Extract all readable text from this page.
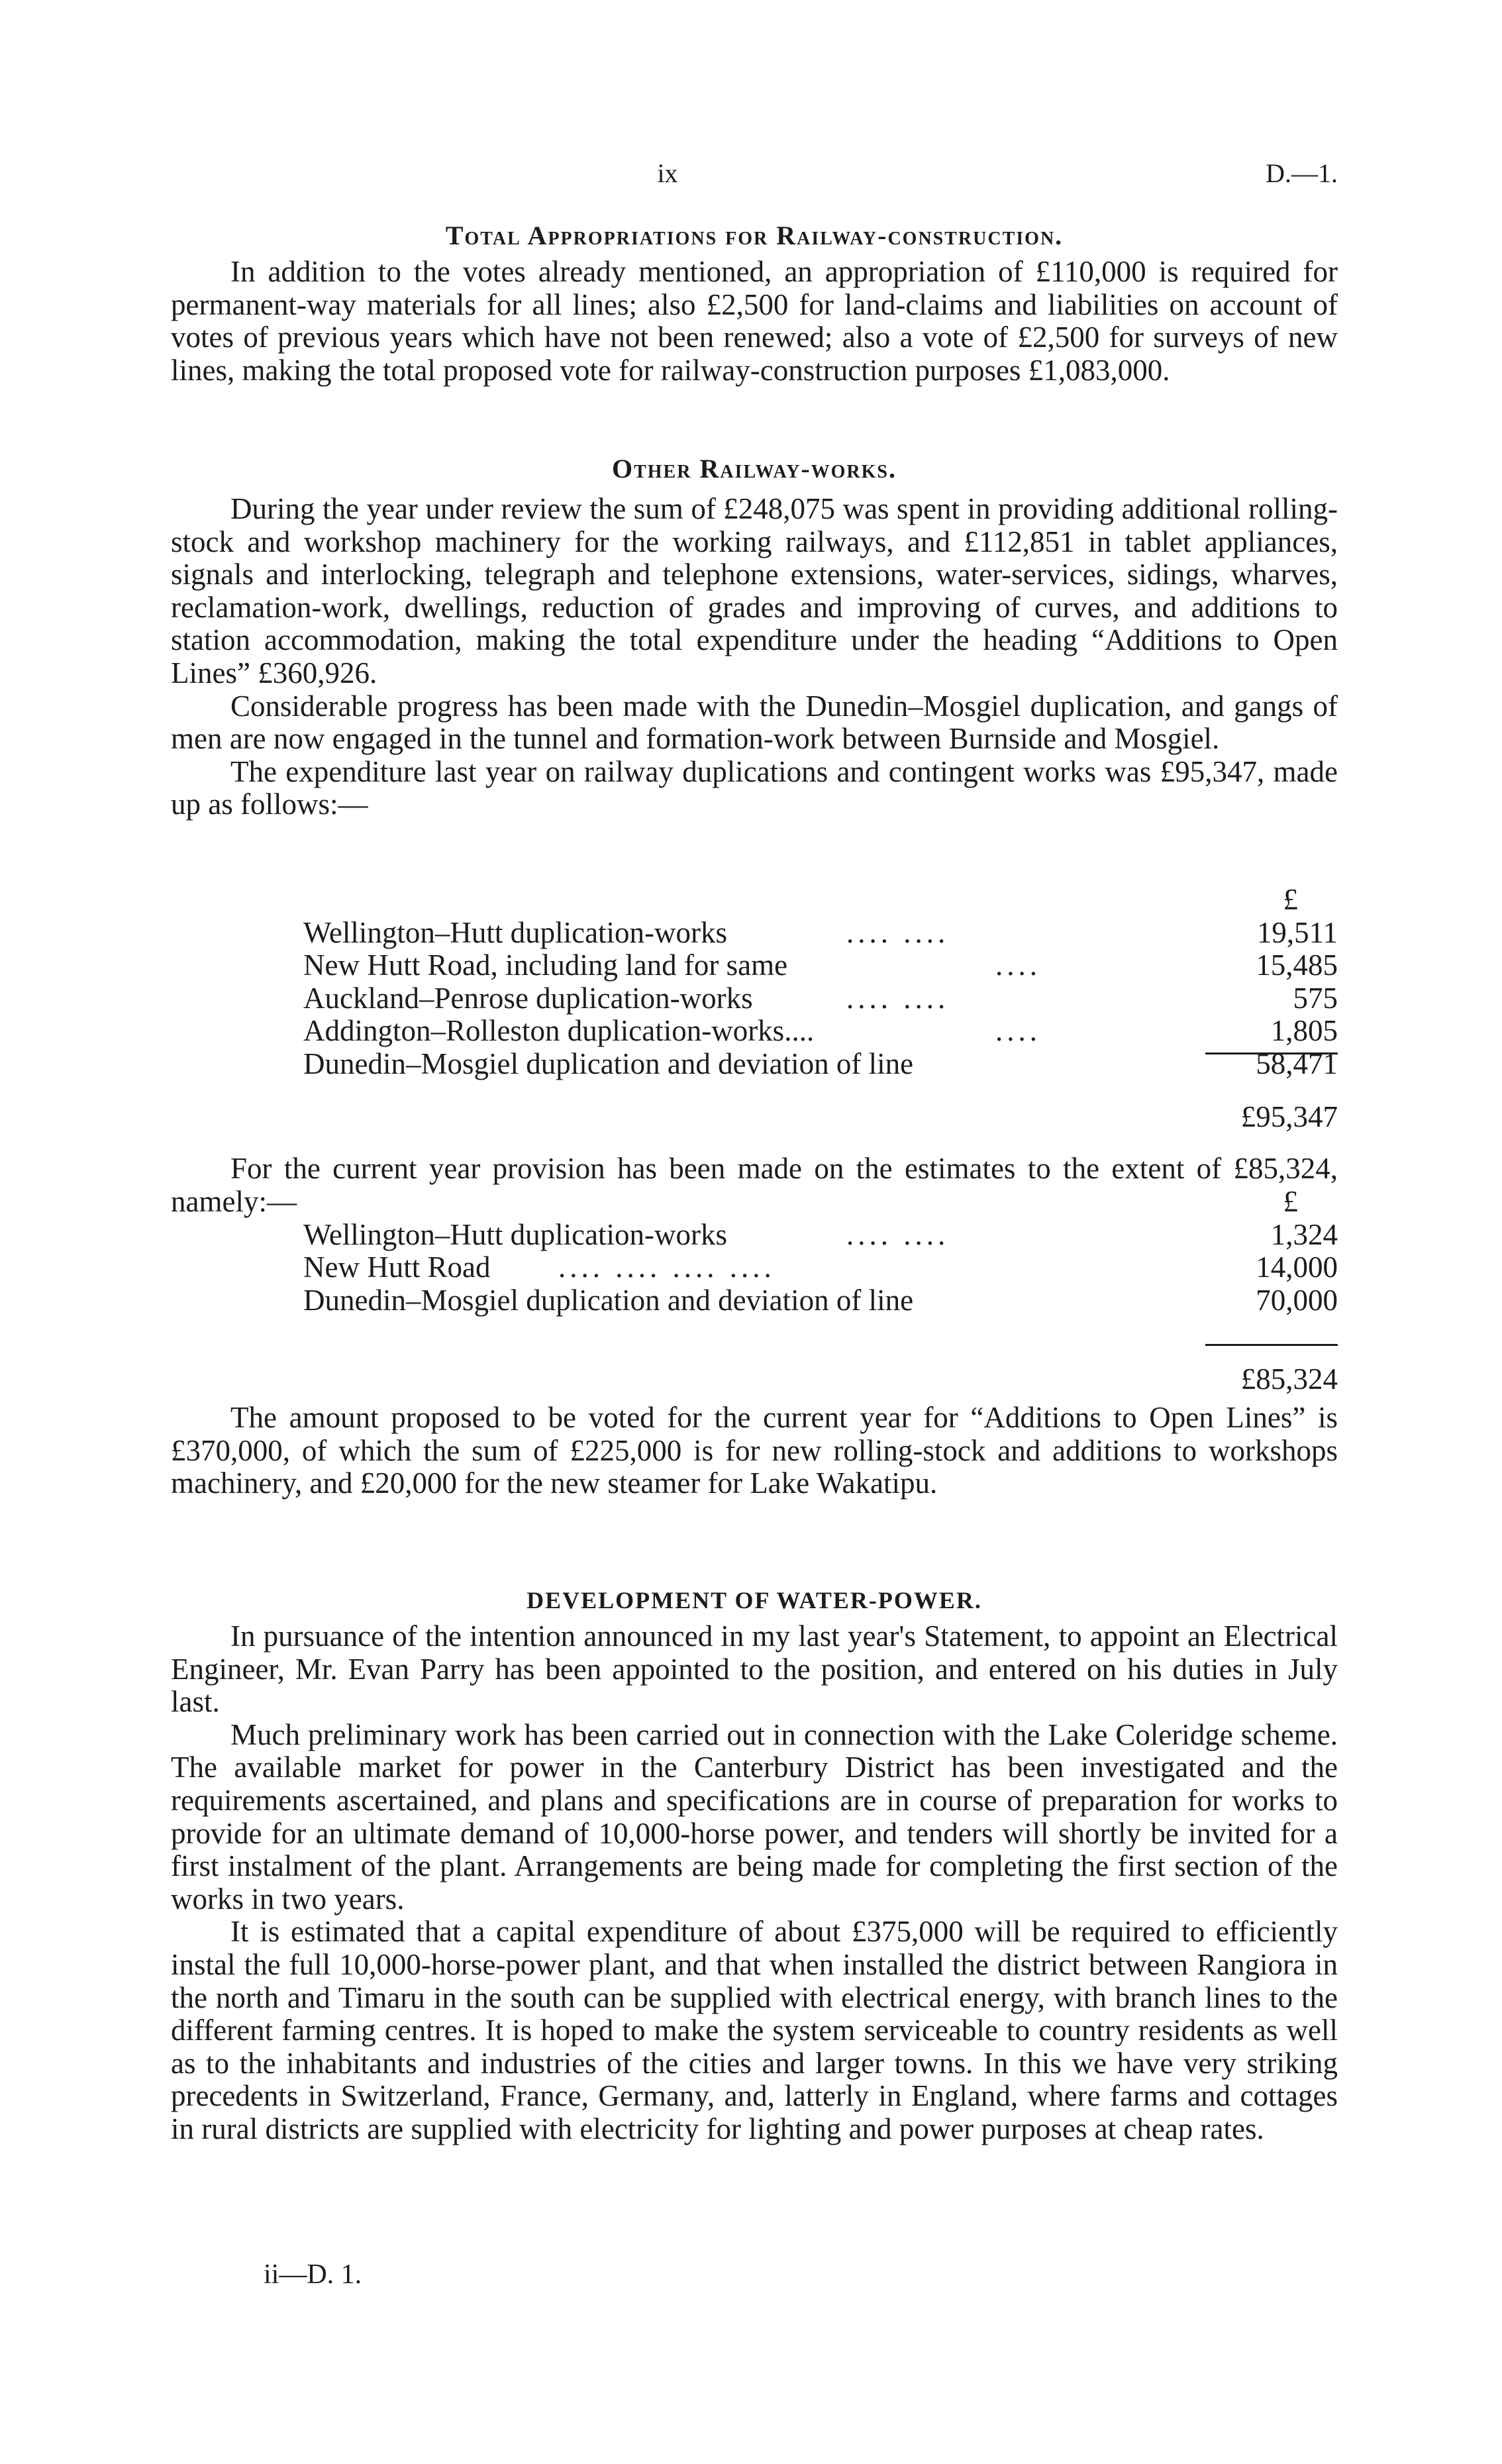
ix	D.—1.
Total Appropriations for Railway-construction.

In addition to the votes already mentioned, an appropriation of £110,000 is required for permanent-way materials for all lines; also £2,500 for land-claims and liabilities on account of votes of previous years which have not been renewed; also a vote of £2,500 for surveys of new lines, making the total proposed vote for railway-construction purposes £1,083,000.

Other Railway-works.

During the year under review the sum of £248,075 was spent in providing additional rolling-stock and workshop machinery for the working railways, and £112,851 in tablet appliances, signals and interlocking, telegraph and telephone extensions, water-services, sidings, wharves, reclamation-work, dwellings, reduction of grades and improving of curves, and additions to station accommodation, making the total expenditure under the heading “Additions to Open Lines” £360,926.

Considerable progress has been made with the Dunedin–Mosgiel duplication, and gangs of men are now engaged in the tunnel and formation-work between Burnside and Mosgiel.

The expenditure last year on railway duplications and contingent works was £95,347, made up as follows:—

£
Wellington–Hutt duplication-works	.... ....	19,511
New Hutt Road, including land for same	....	15,485
Auckland–Penrose duplication-works	.... ....	575
Addington–Rolleston duplication-works....	....	1,805
Dunedin–Mosgiel duplication and deviation of line	58,471
£95,347

For the current year provision has been made on the estimates to the extent of £85,324, namely:—	£
Wellington–Hutt duplication-works	.... ....	1,324
New Hutt Road .... .... .... ....	14,000
Dunedin–Mosgiel duplication and deviation of line	70,000
£85,324

The amount proposed to be voted for the current year for “Additions to Open Lines” is £370,000, of which the sum of £225,000 is for new rolling-stock and additions to workshops machinery, and £20,000 for the new steamer for Lake Wakatipu.

DEVELOPMENT OF WATER-POWER.

In pursuance of the intention announced in my last year's Statement, to appoint an Electrical Engineer, Mr. Evan Parry has been appointed to the position, and entered on his duties in July last.

Much preliminary work has been carried out in connection with the Lake Coleridge scheme. The available market for power in the Canterbury District has been investigated and the requirements ascertained, and plans and specifications are in course of preparation for works to provide for an ultimate demand of 10,000-horse power, and tenders will shortly be invited for a first instalment of the plant. Arrangements are being made for completing the first section of the works in two years.

It is estimated that a capital expenditure of about £375,000 will be required to efficiently instal the full 10,000-horse-power plant, and that when installed the district between Rangiora in the north and Timaru in the south can be supplied with electrical energy, with branch lines to the different farming centres. It is hoped to make the system serviceable to country residents as well as to the inhabitants and industries of the cities and larger towns. In this we have very striking precedents in Switzerland, France, Germany, and, latterly in England, where farms and cottages in rural districts are supplied with electricity for lighting and power purposes at cheap rates.

ii—D. 1.
